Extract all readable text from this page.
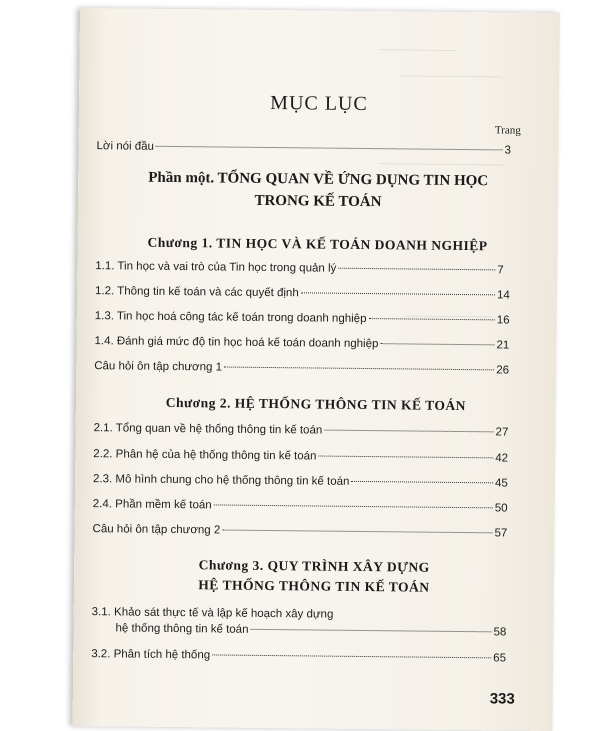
─────────────
─────────────────
─────────────────────
──────────────
MỤC LỤC
Trang
Lời nói đầu	3
Phần một. TỔNG QUAN VỀ ỨNG DỤNG TIN HỌC
TRONG KẾ TOÁN
Chương 1. TIN HỌC VÀ KẾ TOÁN DOANH NGHIỆP
1.1. Tin học và vai trò của Tin học trong quản lý	7
1.2. Thông tin kế toán và các quyết định	14
1.3. Tin học hoá công tác kế toán trong doanh nghiệp	16
1.4. Đánh giá mức độ tin học hoá kế toán doanh nghiệp	21
Câu hỏi ôn tập chương 1	26
Chương 2. HỆ THỐNG THÔNG TIN KẾ TOÁN
2.1. Tổng quan về hệ thống thông tin kế toán	27
2.2. Phân hệ của hệ thống thông tin kế toán	42
2.3. Mô hình chung cho hệ thống thông tin kế toán	45
2.4. Phần mềm kế toán	50
Câu hỏi ôn tập chương 2	57
Chương 3. QUY TRÌNH XÂY DỰNG
HỆ THỐNG THÔNG TIN KẾ TOÁN
3.1. Khảo sát thực tế và lập kế hoạch xây dựng
hệ thống thông tin kế toán	58
3.2. Phân tích hệ thống	65
333
